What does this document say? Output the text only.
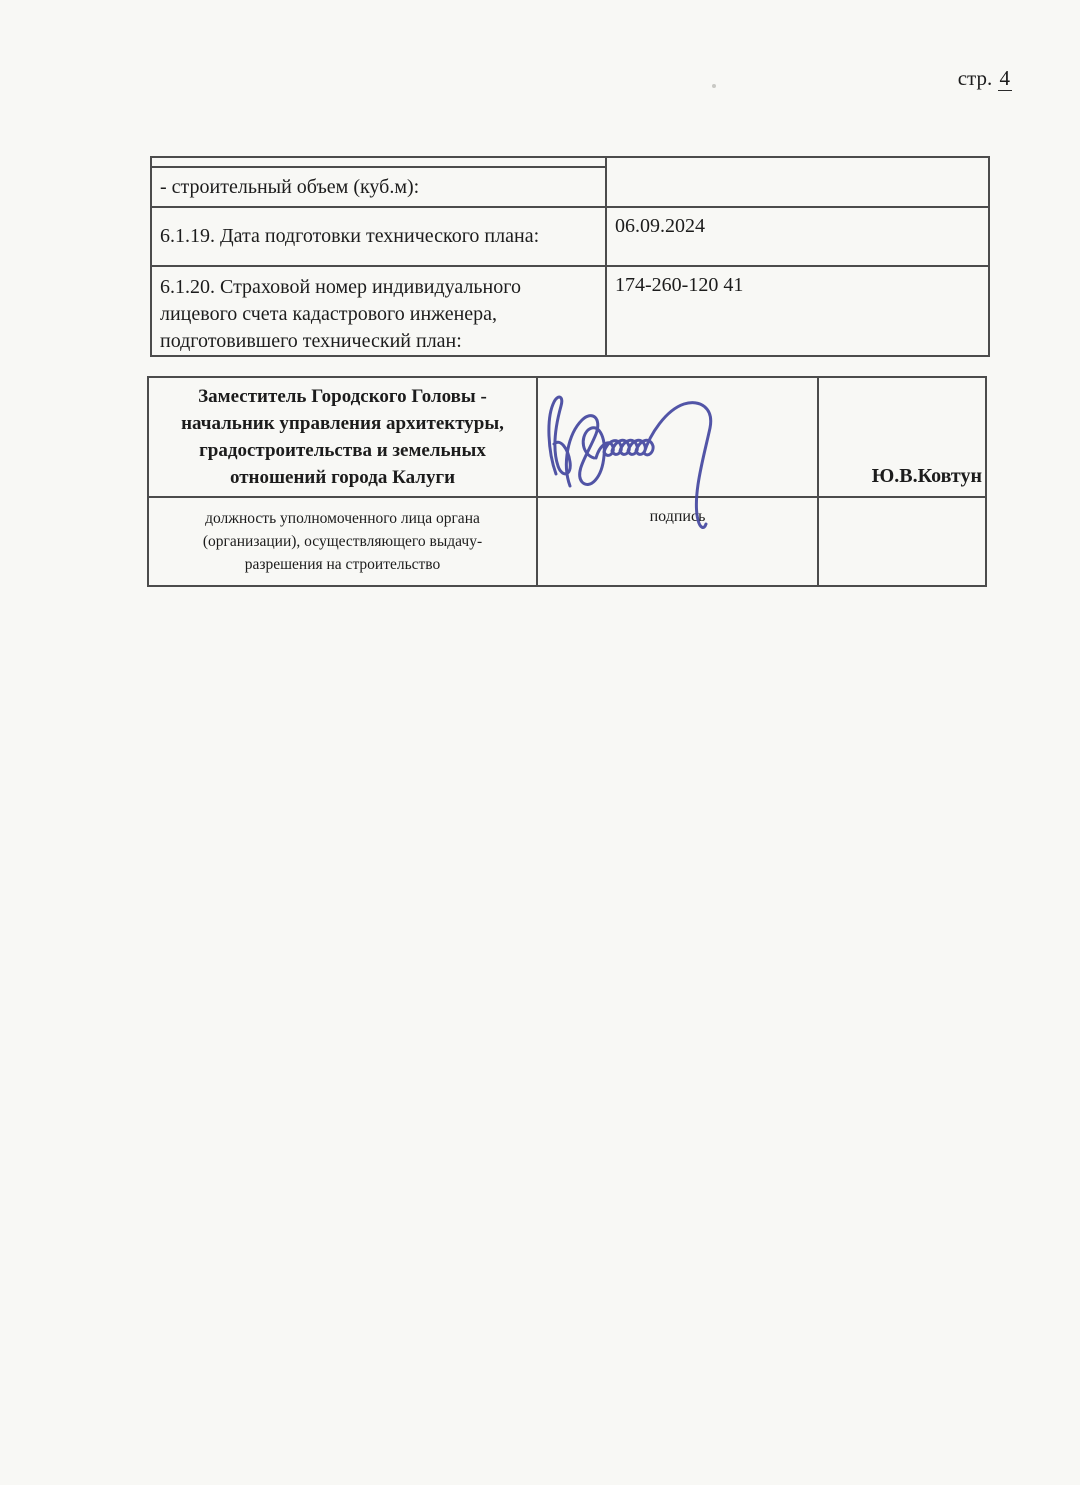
стр. 4

- строительный объем (куб.м):	
6.1.19. Дата подготовки технического плана:	06.09.2024
6.1.20. Страховой номер индивидуального лицевого счета кадастрового инженера, подготовившего технический план:	174-260-120 41
Заместитель Городского Головы - начальник управления архитектуры, градостроительства и земельных отношений города Калуги		Ю.В.Ковтун
должность уполномоченного лица органа (организации), осуществляющего выдачу-разрешения на строительство	подпись	
